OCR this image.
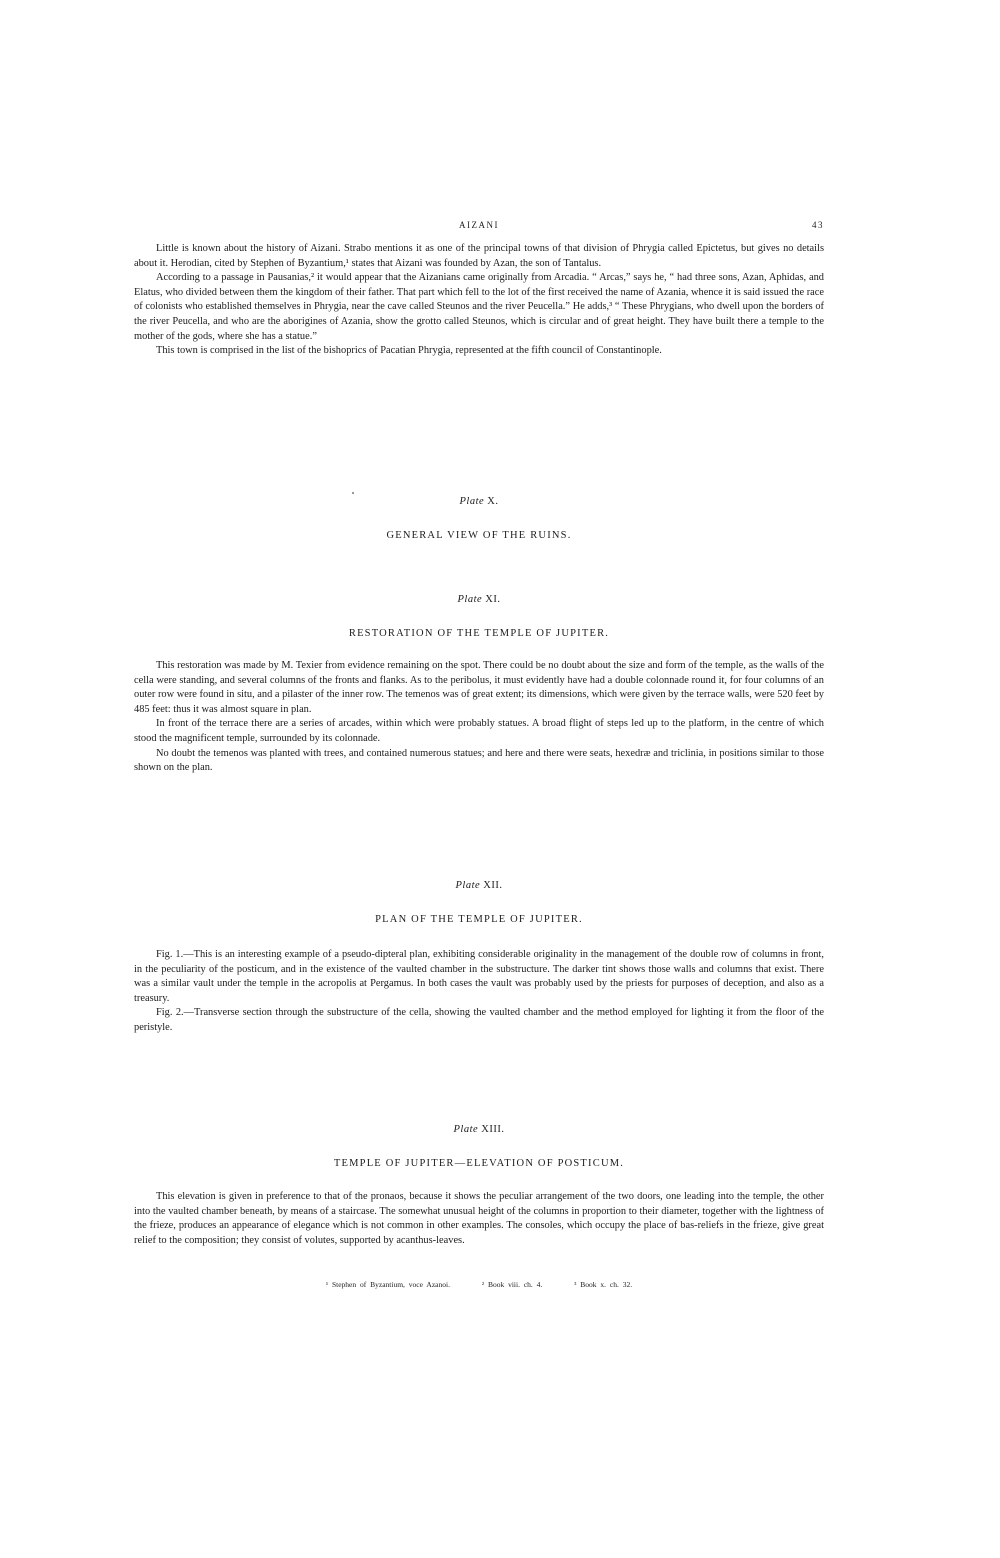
AIZANI	43

Little is known about the history of Aizani. Strabo mentions it as one of the principal towns of that division of Phrygia called Epictetus, but gives no details about it. Herodian, cited by Stephen of Byzantium,¹ states that Aizani was founded by Azan, the son of Tantalus.

According to a passage in Pausanias,² it would appear that the Aizanians came originally from Arcadia. “ Arcas,” says he, “ had three sons, Azan, Aphidas, and Elatus, who divided between them the kingdom of their father. That part which fell to the lot of the first received the name of Azania, whence it is said issued the race of colonists who established themselves in Phrygia, near the cave called Steunos and the river Peucella.” He adds,³ “ These Phrygians, who dwell upon the borders of the river Peucella, and who are the aborigines of Azania, show the grotto called Steunos, which is circular and of great height. They have built there a temple to the mother of the gods, where she has a statue.”

This town is comprised in the list of the bishoprics of Pacatian Phrygia, represented at the fifth council of Constantinople.

Plate X.
GENERAL VIEW OF THE RUINS.
Plate XI.
RESTORATION OF THE TEMPLE OF JUPITER.

This restoration was made by M. Texier from evidence remaining on the spot. There could be no doubt about the size and form of the temple, as the walls of the cella were standing, and several columns of the fronts and flanks. As to the peribolus, it must evidently have had a double colonnade round it, for four columns of an outer row were found in situ, and a pilaster of the inner row. The temenos was of great extent; its dimensions, which were given by the terrace walls, were 520 feet by 485 feet: thus it was almost square in plan.

In front of the terrace there are a series of arcades, within which were probably statues. A broad flight of steps led up to the platform, in the centre of which stood the magnificent temple, surrounded by its colonnade.

No doubt the temenos was planted with trees, and contained numerous statues; and here and there were seats, hexedræ and triclinia, in positions similar to those shown on the plan.

Plate XII.
PLAN OF THE TEMPLE OF JUPITER.

Fig. 1.—This is an interesting example of a pseudo-dipteral plan, exhibiting considerable originality in the management of the double row of columns in front, in the peculiarity of the posticum, and in the existence of the vaulted chamber in the substructure. The darker tint shows those walls and columns that exist. There was a similar vault under the temple in the acropolis at Pergamus. In both cases the vault was probably used by the priests for purposes of deception, and also as a treasury.

Fig. 2.—Transverse section through the substructure of the cella, showing the vaulted chamber and the method employed for lighting it from the floor of the peristyle.

Plate XIII.
TEMPLE OF JUPITER—ELEVATION OF POSTICUM.

This elevation is given in preference to that of the pronaos, because it shows the peculiar arrangement of the two doors, one leading into the temple, the other into the vaulted chamber beneath, by means of a staircase. The somewhat unusual height of the columns in proportion to their diameter, together with the lightness of the frieze, produces an appearance of elegance which is not common in other examples. The consoles, which occupy the place of bas-reliefs in the frieze, give great relief to the composition; they consist of volutes, supported by acanthus-leaves.

¹ Stephen of Byzantium, voce Azanoi.	² Book viii. ch. 4.	³ Book x. ch. 32.
